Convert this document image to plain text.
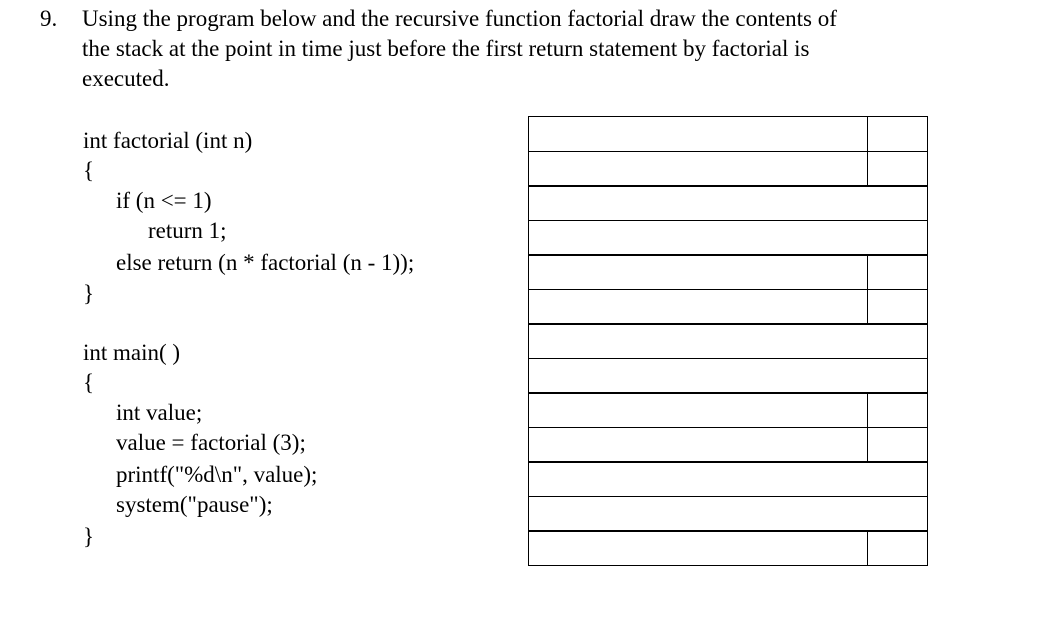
9. Using the program below and the recursive function factorial draw the contents of
the stack at the point in time just before the first return statement by factorial is
executed.
int factorial (int n)
{
if (n <= 1)
return 1;
else return (n * factorial (n - 1));
}
int main( )
{
int value;
value = factorial (3);
printf("%d\n", value);
system("pause");
}
